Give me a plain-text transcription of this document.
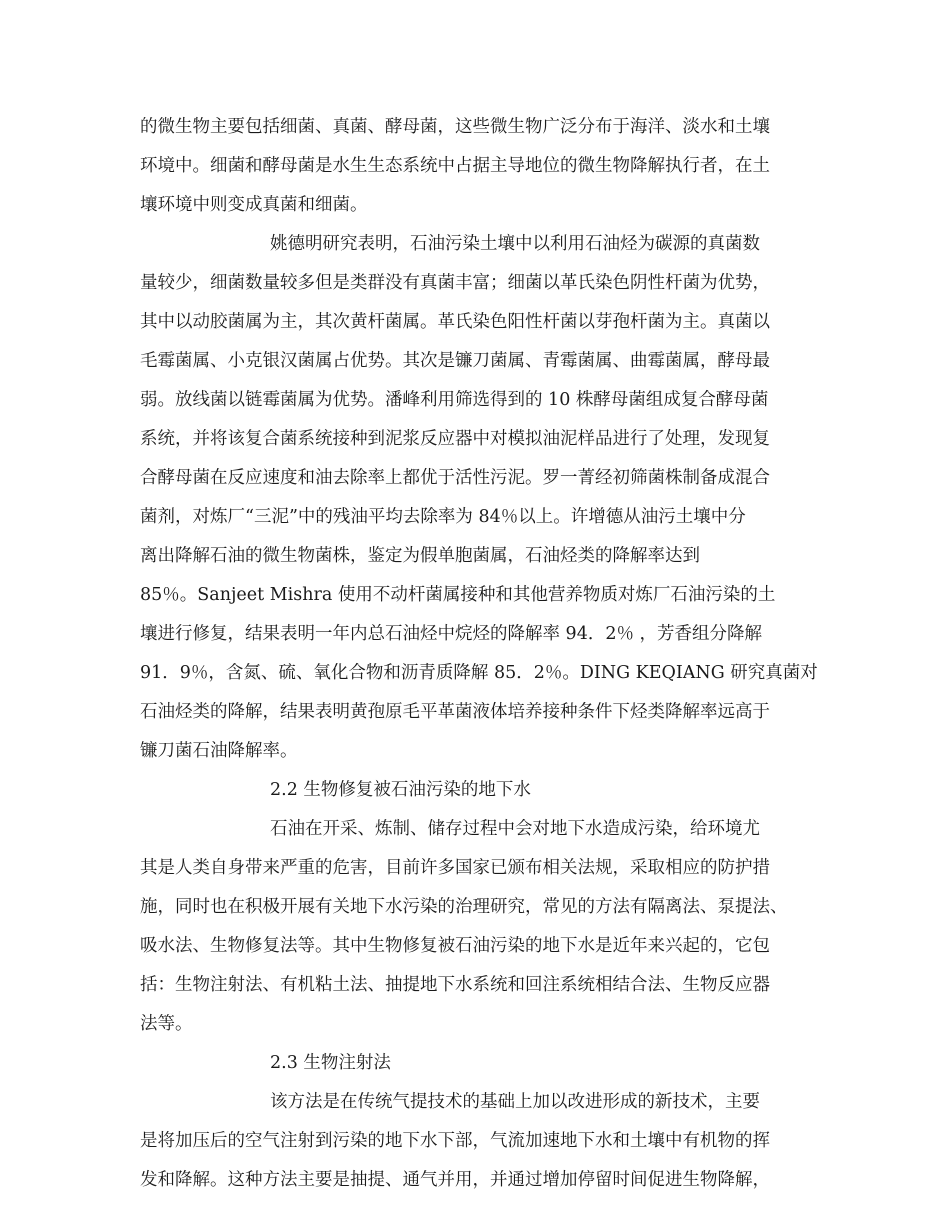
的微生物主要包括细菌、真菌、酵母菌，这些微生物广泛分布于海洋、淡水和土壤
环境中。细菌和酵母菌是水生生态系统中占据主导地位的微生物降解执行者，在土
壤环境中则变成真菌和细菌。
姚德明研究表明，石油污染土壤中以利用石油烃为碳源的真菌数
量较少，细菌数量较多但是类群没有真菌丰富；细菌以革氏染色阴性杆菌为优势，
其中以动胶菌属为主，其次黄杆菌属。革氏染色阳性杆菌以芽孢杆菌为主。真菌以
毛霉菌属、小克银汉菌属占优势。其次是镰刀菌属、青霉菌属、曲霉菌属，酵母最
弱。放线菌以链霉菌属为优势。潘峰利用筛选得到的 10 株酵母菌组成复合酵母菌
系统，并将该复合菌系统接种到泥浆反应器中对模拟油泥样品进行了处理，发现复
合酵母菌在反应速度和油去除率上都优于活性污泥。罗一菁经初筛菌株制备成混合
菌剂，对炼厂“三泥”中的残油平均去除率为 84％以上。许增德从油污土壤中分
离出降解石油的微生物菌株，鉴定为假单胞菌属，石油烃类的降解率达到
85％。Sanjeet Mishra 使用不动杆菌属接种和其他营养物质对炼厂石油污染的土
壤进行修复，结果表明一年内总石油烃中烷烃的降解率 94．2％ ，芳香组分降解
91．9％，含氮、硫、氧化合物和沥青质降解 85．2％。DING KEQIANG 研究真菌对
石油烃类的降解，结果表明黄孢原毛平革菌液体培养接种条件下烃类降解率远高于
镰刀菌石油降解率。
2.2 生物修复被石油污染的地下水
石油在开采、炼制、储存过程中会对地下水造成污染，给环境尤
其是人类自身带来严重的危害，目前许多国家已颁布相关法规，采取相应的防护措
施，同时也在积极开展有关地下水污染的治理研究，常见的方法有隔离法、泵提法、
吸水法、生物修复法等。其中生物修复被石油污染的地下水是近年来兴起的，它包
括：生物注射法、有机粘土法、抽提地下水系统和回注系统相结合法、生物反应器
法等。
2.3 生物注射法
该方法是在传统气提技术的基础上加以改进形成的新技术，主要
是将加压后的空气注射到污染的地下水下部，气流加速地下水和土壤中有机物的挥
发和降解。这种方法主要是抽提、通气并用，并通过增加停留时间促进生物降解，
